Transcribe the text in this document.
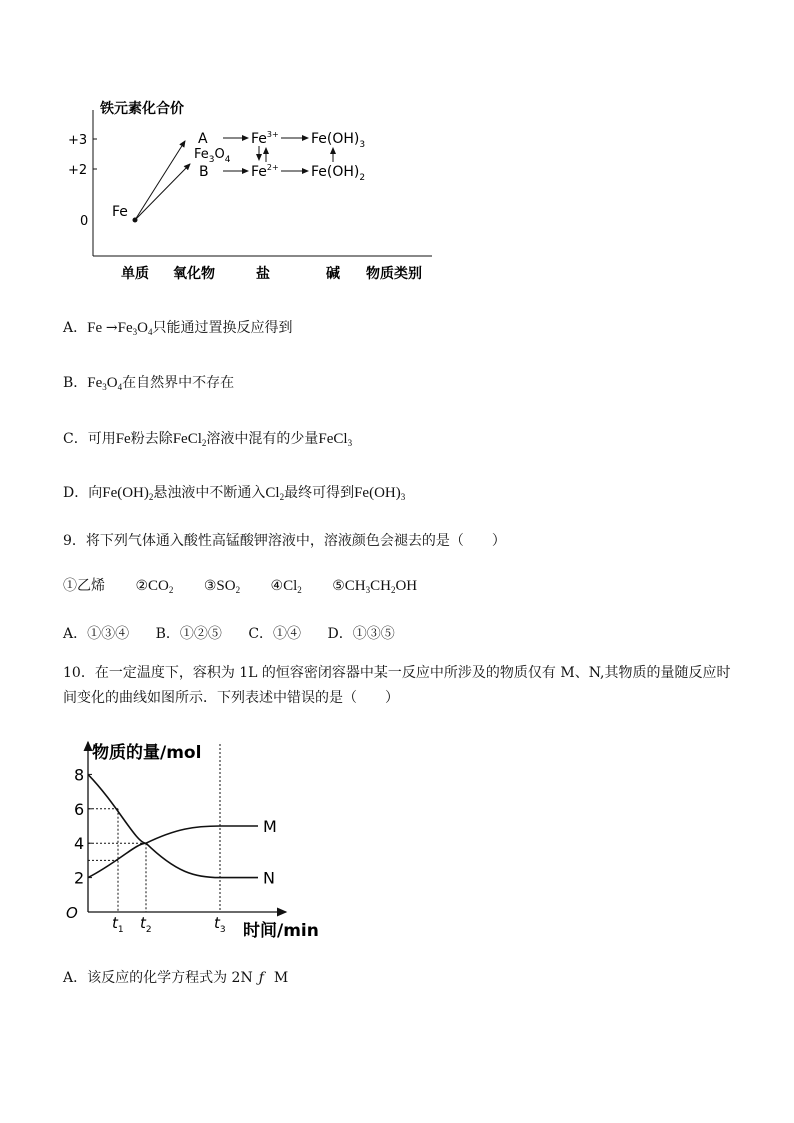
铁元素化合价
+3
+2
0
单质 氧化物	盐	碱 物质类别
Fe
A
$Fe_3O_4$
B
$Fe^{3+}$
$Fe^{2+}$
$Fe(OH)_3$
$Fe(OH)_2$
A．$Fe \to Fe_3O_4$只能通过置换反应得到
B．$Fe_3O_4$在自然界中不存在
C．可用Fe粉去除FeCl$_2$溶液中混有的少量FeCl$_3$
D．向$Fe(OH)_2$悬浊液中不断通入$Cl_2$最终可得到$Fe(OH)_3$
9．将下列气体通入酸性高锰酸钾溶液中，溶液颜色会褪去的是（　　）
①乙烯 $②CO_2$ $③SO_2$ $④Cl_2$ $⑤CH_3CH_2OH$
A．①③④ B．①②⑤ C．①④ D．①③⑤
10．在一定温度下，容积为 1L 的恒容密闭容器中某一反应中所涉及的物质仅有 M、N,其物质的量随反应时
间变化的曲线如图所示．下列表述中错误的是（　　）
物质的量/mol
时间/min
O
2
4
6
8
$t_1$ $t_2$	$t_3$
M
N
A．该反应的化学方程式为 2N ƒ M
